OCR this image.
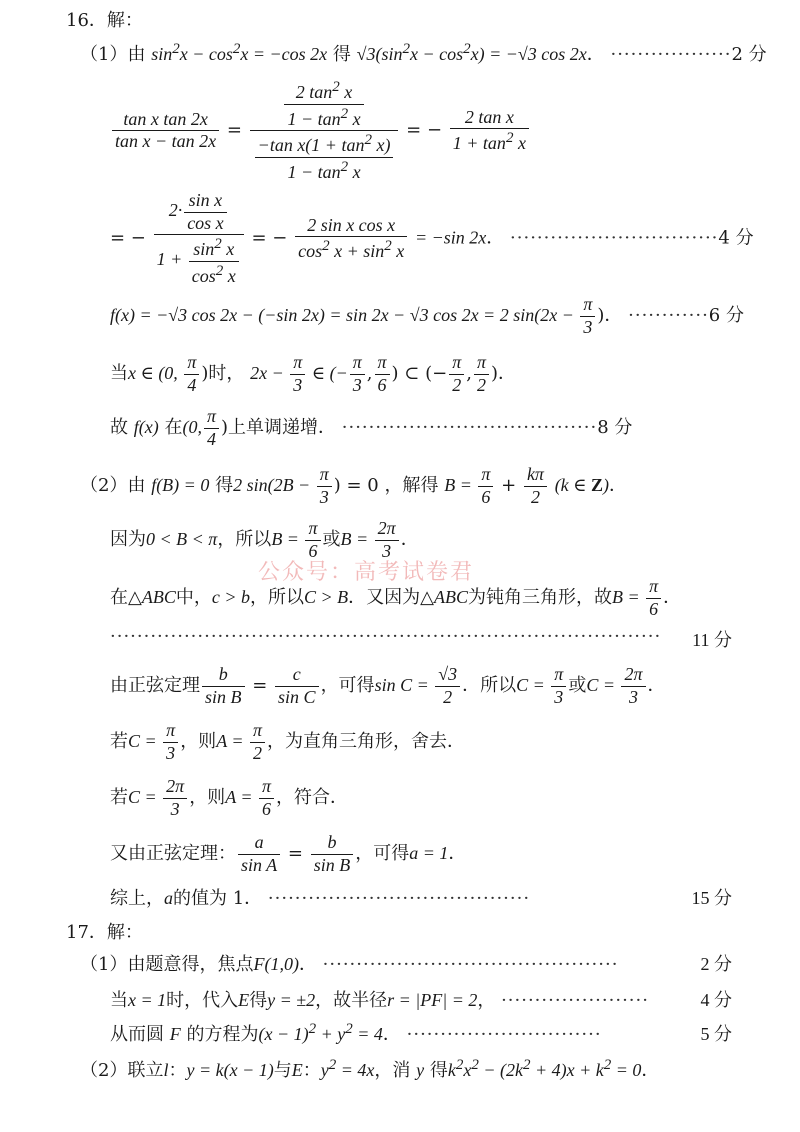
公众号：高考试卷君
16．解：
（1）由 $\sin^2x - \cos^2x = -\cos$ 2x 得 $√3(\sin^2x - \cos^2x) = -√3$ cos 2x． ··················2 分
$\frac{\text{tan x tan 2x}}{\text{tan x − tan 2x}} = \frac{\frac{2 \tan^2 x}{1 - \tan^2 x}}{\frac{-\tan x(1 + \tan^2 x)}{1 - \tan^2 x}}$ = − $\frac{\text{2 tan x}}{1 + \tan^2 x}$
= − $\frac{2\cdot \frac{\text{sin x}}{\text{cos x}}}{1 + \frac{\sin^2 x}{\cos^2 x}}$ = − $\frac{\text{2 sin x cos x}}{\cos^2 x + \sin^2 x} = -\sin$ 2x． ·······························4 分
f(x) = −√3 cos 2x − (−sin 2x) = sin 2x − √3 cos 2x = 2 $\sin(2x - \frac{\pi}{3}$ )． ············6 分
当x ∈ (0, $\frac{\pi}{4}$ )时， $2x - \frac{\pi}{3}$ ∈ (− $\frac{\pi}{3}$ , $\frac{\pi}{6}$ ) ⊂ (− $\frac{\pi}{2}$ , $\frac{\pi}{2}$ )．
故 f(x) 在(0, $\frac{\pi}{4}$ )上单调递增． ······································8 分
（2）由 f(B) = 0 得2 $\sin(2B - \frac{\pi}{3}$ ) = 0 ，解得 $B = \frac{\pi}{6} + \frac{k\pi}{2} (k$ ∈ Z)．
因为0 < B < π，所以$B = \frac{\pi}{6}$ 或$B = \frac{2\pi}{3}$ ．
在△ABC中，c > b，所以C > B．又因为△ABC为钝角三角形，故$B = \frac{\pi}{6}$ ．
··················································································	11 分
由正弦定理 $\frac{b}{\text{sin B}} = \frac{c}{\text{sin C}}$ ，可得$\sin C = \frac{√3}{2}$ ．所以$C = \frac{\pi}{3}$ 或$C = \frac{2\pi}{3}$ ．
若$C = \frac{\pi}{3}$ ，则$A = \frac{\pi}{2}$ ，为直角三角形，舍去．
若$C = \frac{2\pi}{3}$ ，则$A = \frac{\pi}{6}$ ，符合．
又由正弦定理： $\frac{a}{\text{sin A}} = \frac{b}{\text{sin B}}$ ，可得a = 1．
综上，a的值为 1． ·······································	15 分
17．解：
（1）由题意得，焦点F(1,0)． ············································	2 分
当x = 1时，代入E得y = ±2，故半径r = |PF| = 2， ······················	4 分
从而圆 F 的方程为$(x - 1)^2 + y^2 = 4$． ·····························	5 分
（2）联立l：y = k(x − 1)与E：$y^2 = 4x$，消 y 得$k^2x^2 - (2k^2 + 4)x + k^2 = 0$．
